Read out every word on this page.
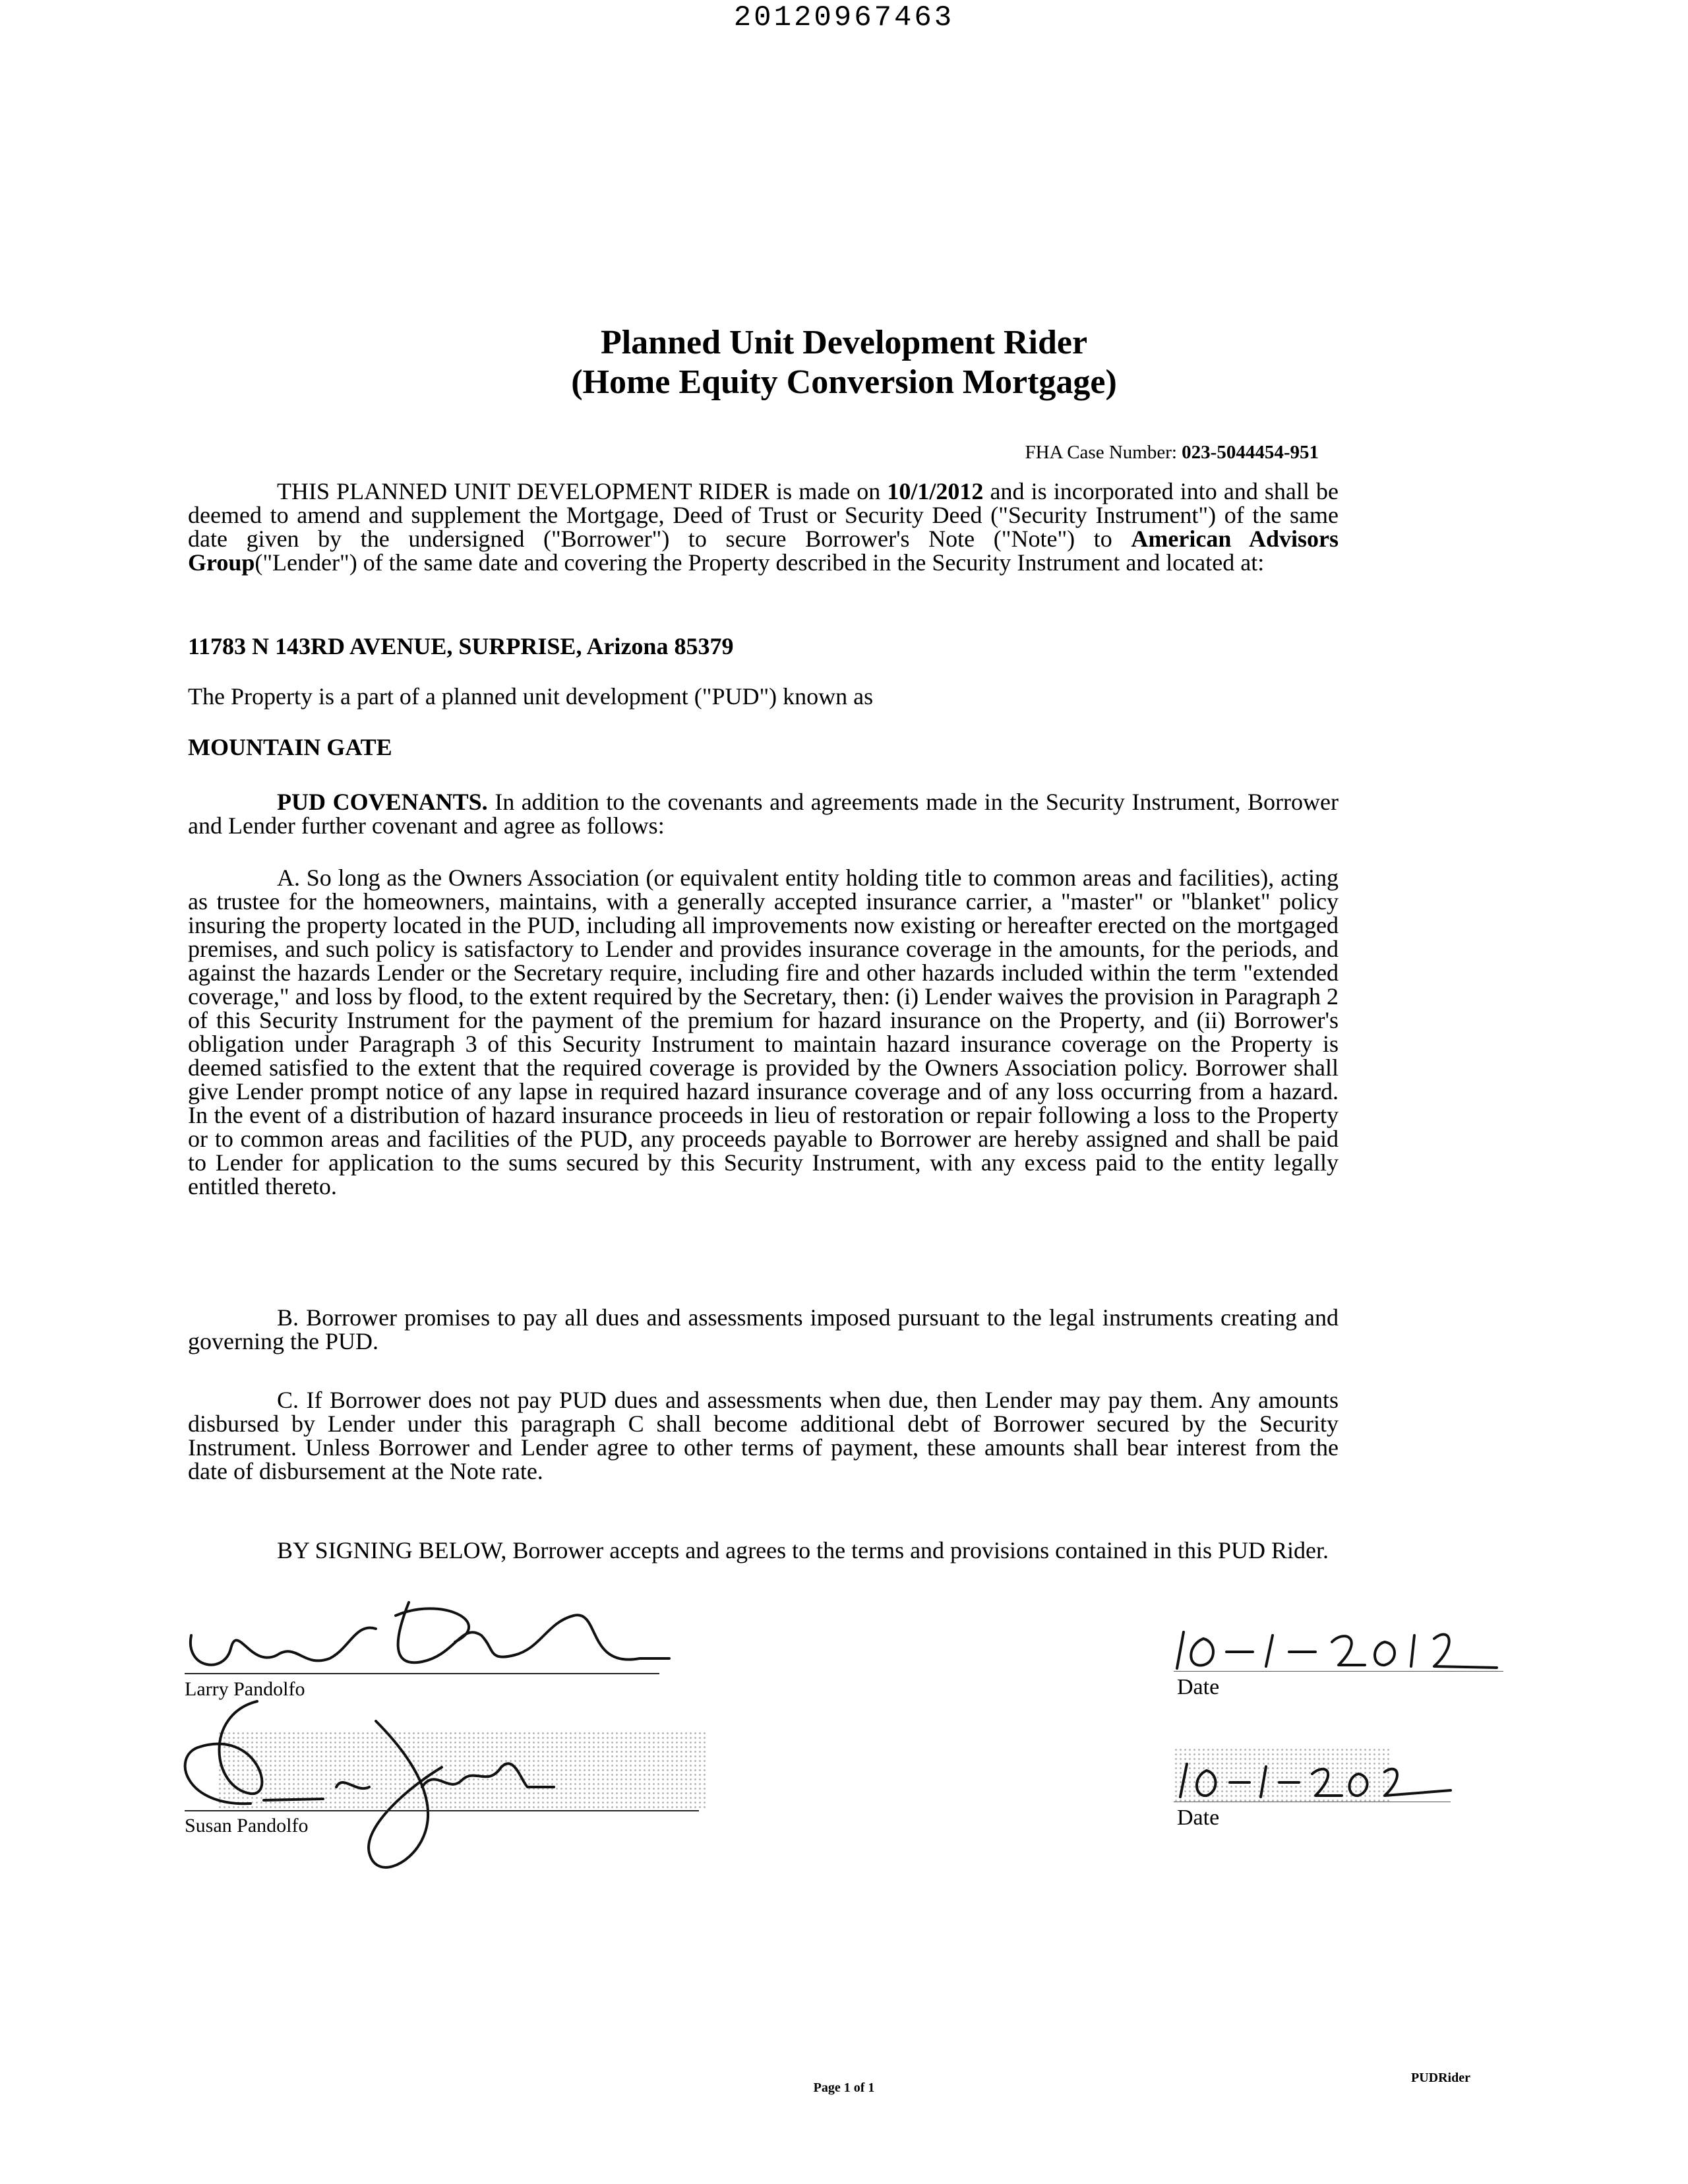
20120967463
Planned Unit Development Rider
(Home Equity Conversion Mortgage)
FHA Case Number: 023-5044454-951

THIS PLANNED UNIT DEVELOPMENT RIDER is made on 10/1/2012 and is incorporated into and shall be deemed to amend and supplement the Mortgage, Deed of Trust or Security Deed ("Security Instrument") of the same date given by the undersigned ("Borrower") to secure Borrower's Note ("Note") to American Advisors Group("Lender") of the same date and covering the Property described in the Security Instrument and located at:

11783 N 143RD AVENUE, SURPRISE, Arizona 85379
The Property is a part of a planned unit development ("PUD") known as
MOUNTAIN GATE

PUD COVENANTS. In addition to the covenants and agreements made in the Security Instrument, Borrower and Lender further covenant and agree as follows:

A. So long as the Owners Association (or equivalent entity holding title to common areas and facilities), acting as trustee for the homeowners, maintains, with a generally accepted insurance carrier, a "master" or "blanket" policy insuring the property located in the PUD, including all improvements now existing or hereafter erected on the mortgaged premises, and such policy is satisfactory to Lender and provides insurance coverage in the amounts, for the periods, and against the hazards Lender or the Secretary require, including fire and other hazards included within the term "extended coverage," and loss by flood, to the extent required by the Secretary, then: (i) Lender waives the provision in Paragraph 2 of this Security Instrument for the payment of the premium for hazard insurance on the Property, and (ii) Borrower's obligation under Paragraph 3 of this Security Instrument to maintain hazard insurance coverage on the Property is deemed satisfied to the extent that the required coverage is provided by the Owners Association policy. Borrower shall give Lender prompt notice of any lapse in required hazard insurance coverage and of any loss occurring from a hazard. In the event of a distribution of hazard insurance proceeds in lieu of restoration or repair following a loss to the Property or to common areas and facilities of the PUD, any proceeds payable to Borrower are hereby assigned and shall be paid to Lender for application to the sums secured by this Security Instrument, with any excess paid to the entity legally entitled thereto.

B. Borrower promises to pay all dues and assessments imposed pursuant to the legal instruments creating and governing the PUD.

C. If Borrower does not pay PUD dues and assessments when due, then Lender may pay them. Any amounts disbursed by Lender under this paragraph C shall become additional debt of Borrower secured by the Security Instrument. Unless Borrower and Lender agree to other terms of payment, these amounts shall bear interest from the date of disbursement at the Note rate.

BY SIGNING BELOW, Borrower accepts and agrees to the terms and provisions contained in this PUD Rider.

Larry Pandolfo	Date
Susan Pandolfo	Date
Page 1 of 1
PUDRider
